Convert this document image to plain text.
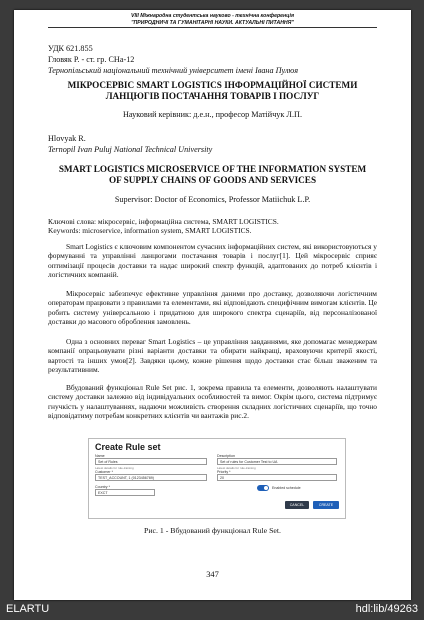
VIII Міжнародна студентська науково - технічна конференція
"ПРИРОДНИЧІ ТА ГУМАНІТАРНІ НАУКИ. АКТУАЛЬНІ ПИТАННЯ"
УДК 621.855
Гловяк Р. - ст. гр. СНа-12
Тернопільський національний технічний університет імені Івана Пулюя
МІКРОСЕРВІС SMART LOGISTICS ІНФОРМАЦІЙНОЇ СИСТЕМИ ЛАНЦЮГІВ ПОСТАЧАННЯ ТОВАРІВ І ПОСЛУГ
Науковий керівник: д.е.н., професор Матійчук Л.П.
Hlovyak R.
Ternopil Ivan Puluj National Technical University
SMART LOGISTICS MICROSERVICE OF THE INFORMATION SYSTEM OF SUPPLY CHAINS OF GOODS AND SERVICES
Supervisor: Doctor of Economics, Professor Matiichuk L.P.
Ключові слова: мікросервіс, інформаційна система, SMART LOGISTICS.
Keywords: microservice, information system, SMART LOGISTICS.
Smart Logistics є ключовим компонентом сучасних інформаційних систем, які використовуються у формуванні та управлінні ланцюгами постачання товарів і послуг[1]. Цей мікросервіс сприяє оптимізації процесів доставки та надає широкий спектр функцій, адаптованих до потреб клієнтів і логістичних компаній.
Мікросервіс забезпечує ефективне управління даними про доставку, дозволяючи логістичним операторам працювати з правилами та елементами, які відповідають специфічним вимогам клієнтів. Це робить систему універсальною і придатною для широкого спектра сценаріїв, від персоналізованої доставки до масового оброблення замовлень.
Одна з основних переваг Smart Logistics – це управління завданнями, яке допомагає менеджерам компанії опрацьовувати різні варіанти доставки та обирати найкращі, враховуючи критерії якості, вартості та інших умов[2]. Завдяки цьому, кожне рішення щодо доставки стає більш зваженим та результативним.
Вбудований функціонал Rule Set рис. 1, зокрема правила та елементи, дозволяють налаштувати систему доставки залежно від індивідуальних особливостей та вимог. Окрім цього, система підтримує гнучкість у налаштуваннях, надаючи можливість створення складних логістичних сценаріїв, що точно відповідатиму потребам конкретних клієнтів чи вантажів рис.2.
Create Rule set
Name
Set of Rules
Latest details for rule-training
Description
Set of rules for Customer Test to UA
Latest details for rule-training
Customer *
TEST_ACCOUNT, 1 (0123456789)
Priority *
20
Country *
EXCT
Enabled schedule
CANCEL	CREATE
Рис. 1 - Вбудований функціонал Rule Set.
347
ELARTU	hdl:lib/49263
